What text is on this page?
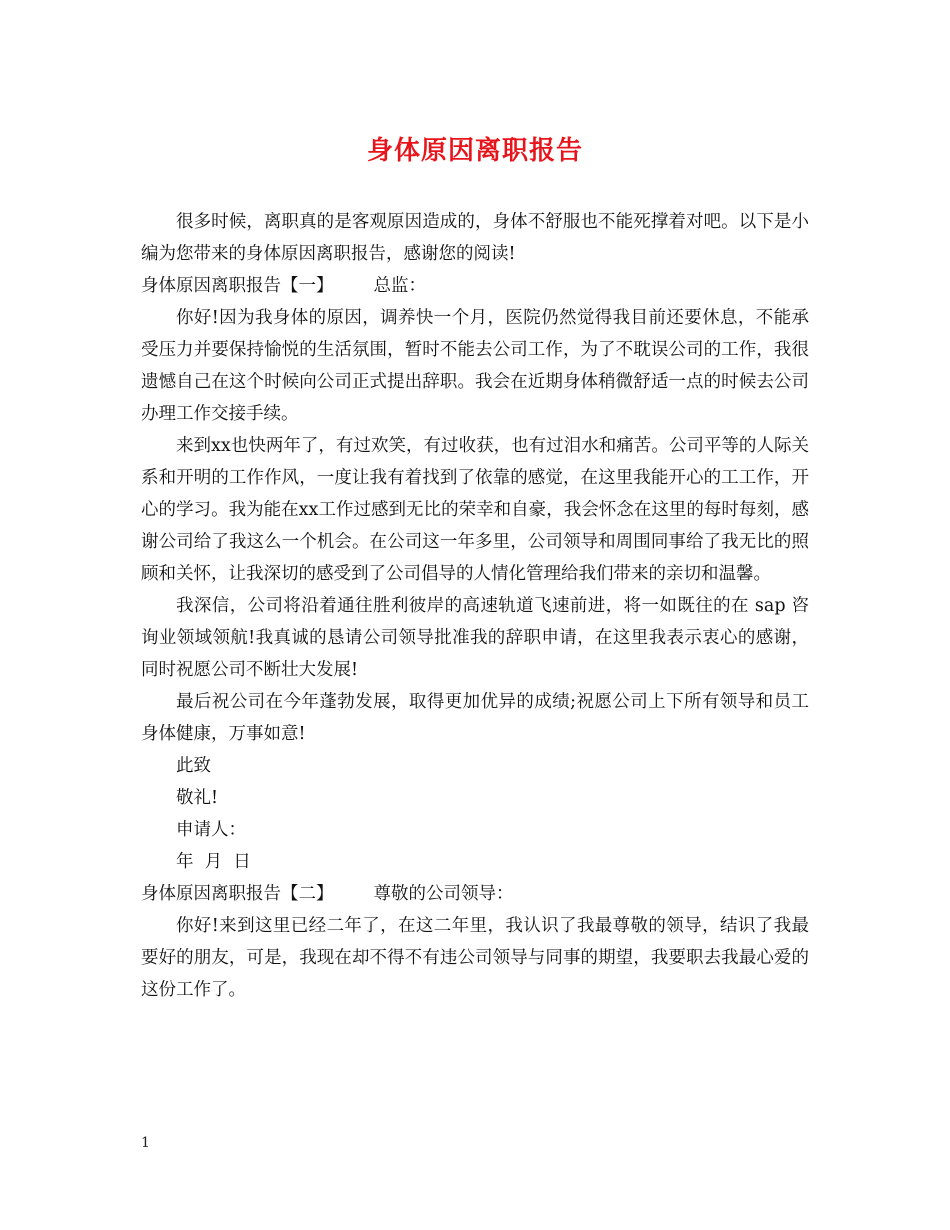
身体原因离职报告

很多时候，离职真的是客观原因造成的，身体不舒服也不能死撑着对吧。以下是小编为您带来的身体原因离职报告，感谢您的阅读!

身体原因离职报告【一】 总监：

你好!因为我身体的原因，调养快一个月，医院仍然觉得我目前还要休息，不能承受压力并要保持愉悦的生活氛围，暂时不能去公司工作，为了不耽误公司的工作，我很遗憾自己在这个时候向公司正式提出辞职。我会在近期身体稍微舒适一点的时候去公司办理工作交接手续。

来到xx也快两年了，有过欢笑，有过收获，也有过泪水和痛苦。公司平等的人际关系和开明的工作作风，一度让我有着找到了依靠的感觉，在这里我能开心的工工作，开心的学习。我为能在xx工作过感到无比的荣幸和自豪，我会怀念在这里的每时每刻，感谢公司给了我这么一个机会。在公司这一年多里，公司领导和周围同事给了我无比的照顾和关怀，让我深切的感受到了公司倡导的人情化管理给我们带来的亲切和温馨。

我深信，公司将沿着通往胜利彼岸的高速轨道飞速前进，将一如既往的在 sap 咨询业领域领航!我真诚的恳请公司领导批准我的辞职申请，在这里我表示衷心的感谢，同时祝愿公司不断壮大发展!

最后祝公司在今年蓬勃发展，取得更加优异的成绩;祝愿公司上下所有领导和员工身体健康，万事如意!

此致

敬礼!

申请人：

年  月  日

身体原因离职报告【二】 尊敬的公司领导：

你好!来到这里已经二年了，在这二年里，我认识了我最尊敬的领导，结识了我最要好的朋友，可是，我现在却不得不有违公司领导与同事的期望，我要职去我最心爱的这份工作了。

1
